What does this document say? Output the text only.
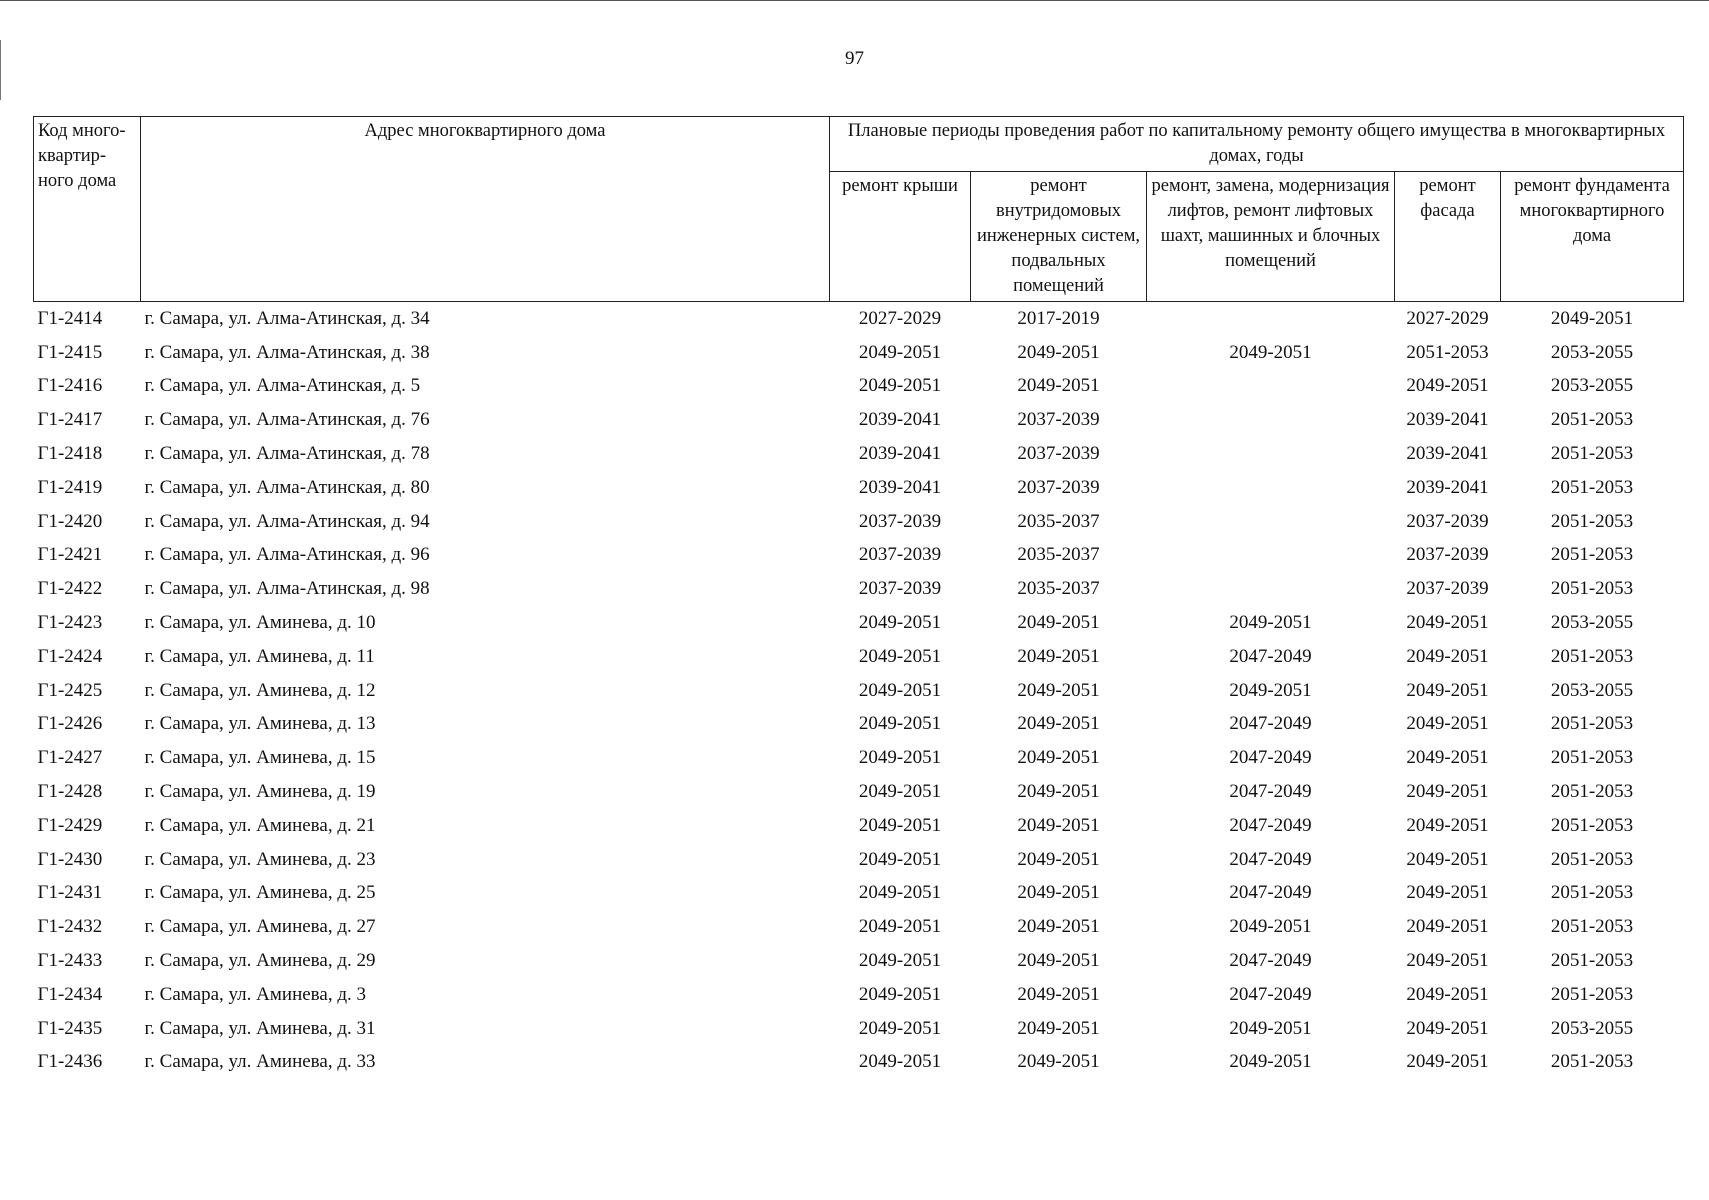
97
Код много-квартир-ного дома	Адрес многоквартирного дома	Плановые периоды проведения работ по капитальному ремонту общего имущества в многоквартирных домах, годы				
		ремонт крыши	ремонт внутридомовых инженерных систем, подвальных помещений	ремонт, замена, модернизация лифтов, ремонт лифтовых шахт, машинных и блочных помещений	ремонт фасада	ремонт фундамента многоквартирного дома
Г1-2414	г. Самара, ул. Алма-Атинская, д. 34	2027-2029	2017-2019		2027-2029	2049-2051
Г1-2415	г. Самара, ул. Алма-Атинская, д. 38	2049-2051	2049-2051	2049-2051	2051-2053	2053-2055
Г1-2416	г. Самара, ул. Алма-Атинская, д. 5	2049-2051	2049-2051		2049-2051	2053-2055
Г1-2417	г. Самара, ул. Алма-Атинская, д. 76	2039-2041	2037-2039		2039-2041	2051-2053
Г1-2418	г. Самара, ул. Алма-Атинская, д. 78	2039-2041	2037-2039		2039-2041	2051-2053
Г1-2419	г. Самара, ул. Алма-Атинская, д. 80	2039-2041	2037-2039		2039-2041	2051-2053
Г1-2420	г. Самара, ул. Алма-Атинская, д. 94	2037-2039	2035-2037		2037-2039	2051-2053
Г1-2421	г. Самара, ул. Алма-Атинская, д. 96	2037-2039	2035-2037		2037-2039	2051-2053
Г1-2422	г. Самара, ул. Алма-Атинская, д. 98	2037-2039	2035-2037		2037-2039	2051-2053
Г1-2423	г. Самара, ул. Аминева, д. 10	2049-2051	2049-2051	2049-2051	2049-2051	2053-2055
Г1-2424	г. Самара, ул. Аминева, д. 11	2049-2051	2049-2051	2047-2049	2049-2051	2051-2053
Г1-2425	г. Самара, ул. Аминева, д. 12	2049-2051	2049-2051	2049-2051	2049-2051	2053-2055
Г1-2426	г. Самара, ул. Аминева, д. 13	2049-2051	2049-2051	2047-2049	2049-2051	2051-2053
Г1-2427	г. Самара, ул. Аминева, д. 15	2049-2051	2049-2051	2047-2049	2049-2051	2051-2053
Г1-2428	г. Самара, ул. Аминева, д. 19	2049-2051	2049-2051	2047-2049	2049-2051	2051-2053
Г1-2429	г. Самара, ул. Аминева, д. 21	2049-2051	2049-2051	2047-2049	2049-2051	2051-2053
Г1-2430	г. Самара, ул. Аминева, д. 23	2049-2051	2049-2051	2047-2049	2049-2051	2051-2053
Г1-2431	г. Самара, ул. Аминева, д. 25	2049-2051	2049-2051	2047-2049	2049-2051	2051-2053
Г1-2432	г. Самара, ул. Аминева, д. 27	2049-2051	2049-2051	2049-2051	2049-2051	2051-2053
Г1-2433	г. Самара, ул. Аминева, д. 29	2049-2051	2049-2051	2047-2049	2049-2051	2051-2053
Г1-2434	г. Самара, ул. Аминева, д. 3	2049-2051	2049-2051	2047-2049	2049-2051	2051-2053
Г1-2435	г. Самара, ул. Аминева, д. 31	2049-2051	2049-2051	2049-2051	2049-2051	2053-2055
Г1-2436	г. Самара, ул. Аминева, д. 33	2049-2051	2049-2051	2049-2051	2049-2051	2051-2053
